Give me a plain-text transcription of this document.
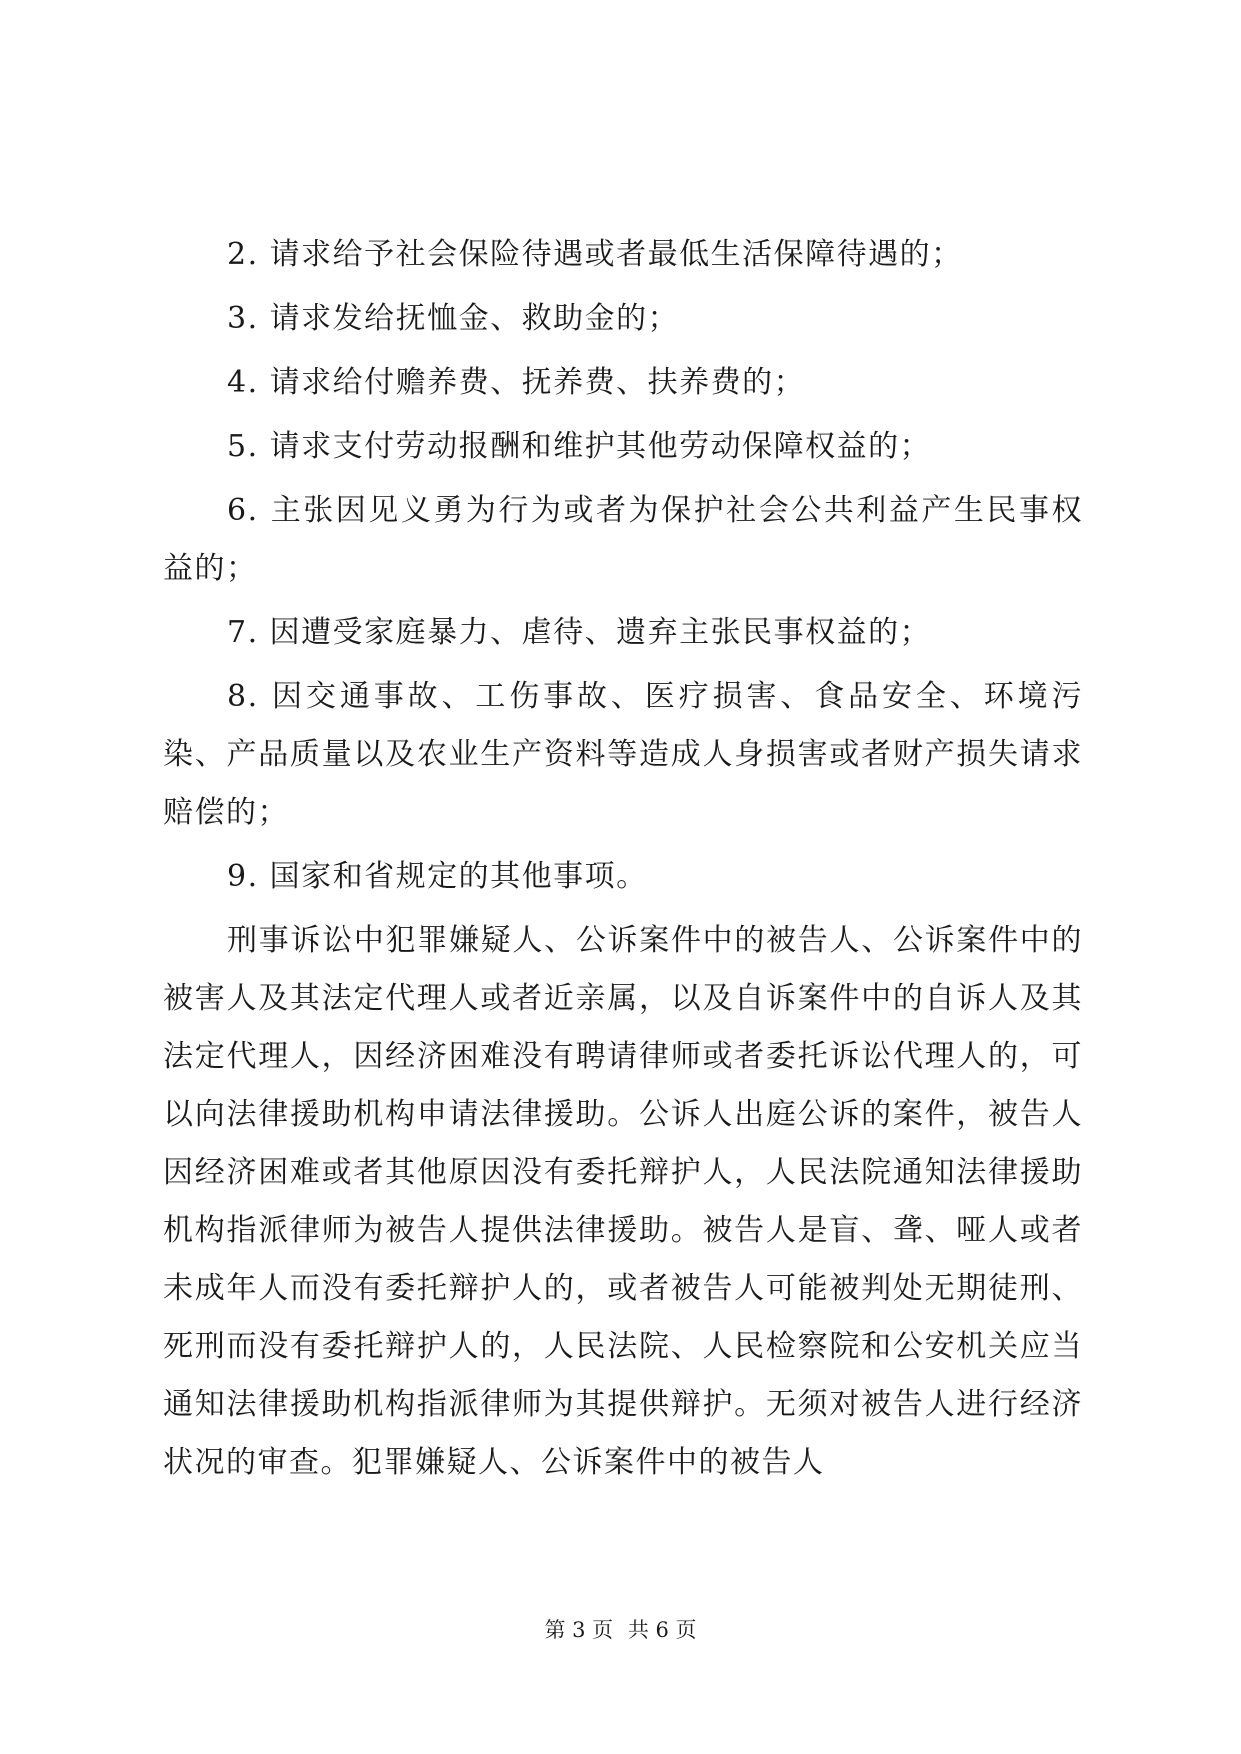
2. 请求给予社会保险待遇或者最低生活保障待遇的；

3. 请求发给抚恤金、救助金的；

4. 请求给付赡养费、抚养费、扶养费的；

5. 请求支付劳动报酬和维护其他劳动保障权益的；

6. 主张因见义勇为行为或者为保护社会公共利益产生民事权益的；

7. 因遭受家庭暴力、虐待、遗弃主张民事权益的；

8. 因交通事故、工伤事故、医疗损害、食品安全、环境污染、产品质量以及农业生产资料等造成人身损害或者财产损失请求赔偿的；

9. 国家和省规定的其他事项。

刑事诉讼中犯罪嫌疑人、公诉案件中的被告人、公诉案件中的被害人及其法定代理人或者近亲属，以及自诉案件中的自诉人及其法定代理人，因经济困难没有聘请律师或者委托诉讼代理人的，可以向法律援助机构申请法律援助。公诉人出庭公诉的案件，被告人因经济困难或者其他原因没有委托辩护人，人民法院通知法律援助机构指派律师为被告人提供法律援助。被告人是盲、聋、哑人或者未成年人而没有委托辩护人的，或者被告人可能被判处无期徒刑、死刑而没有委托辩护人的，人民法院、人民检察院和公安机关应当通知法律援助机构指派律师为其提供辩护。无须对被告人进行经济状况的审查。犯罪嫌疑人、公诉案件中的被告人

第 3 页 共 6 页
